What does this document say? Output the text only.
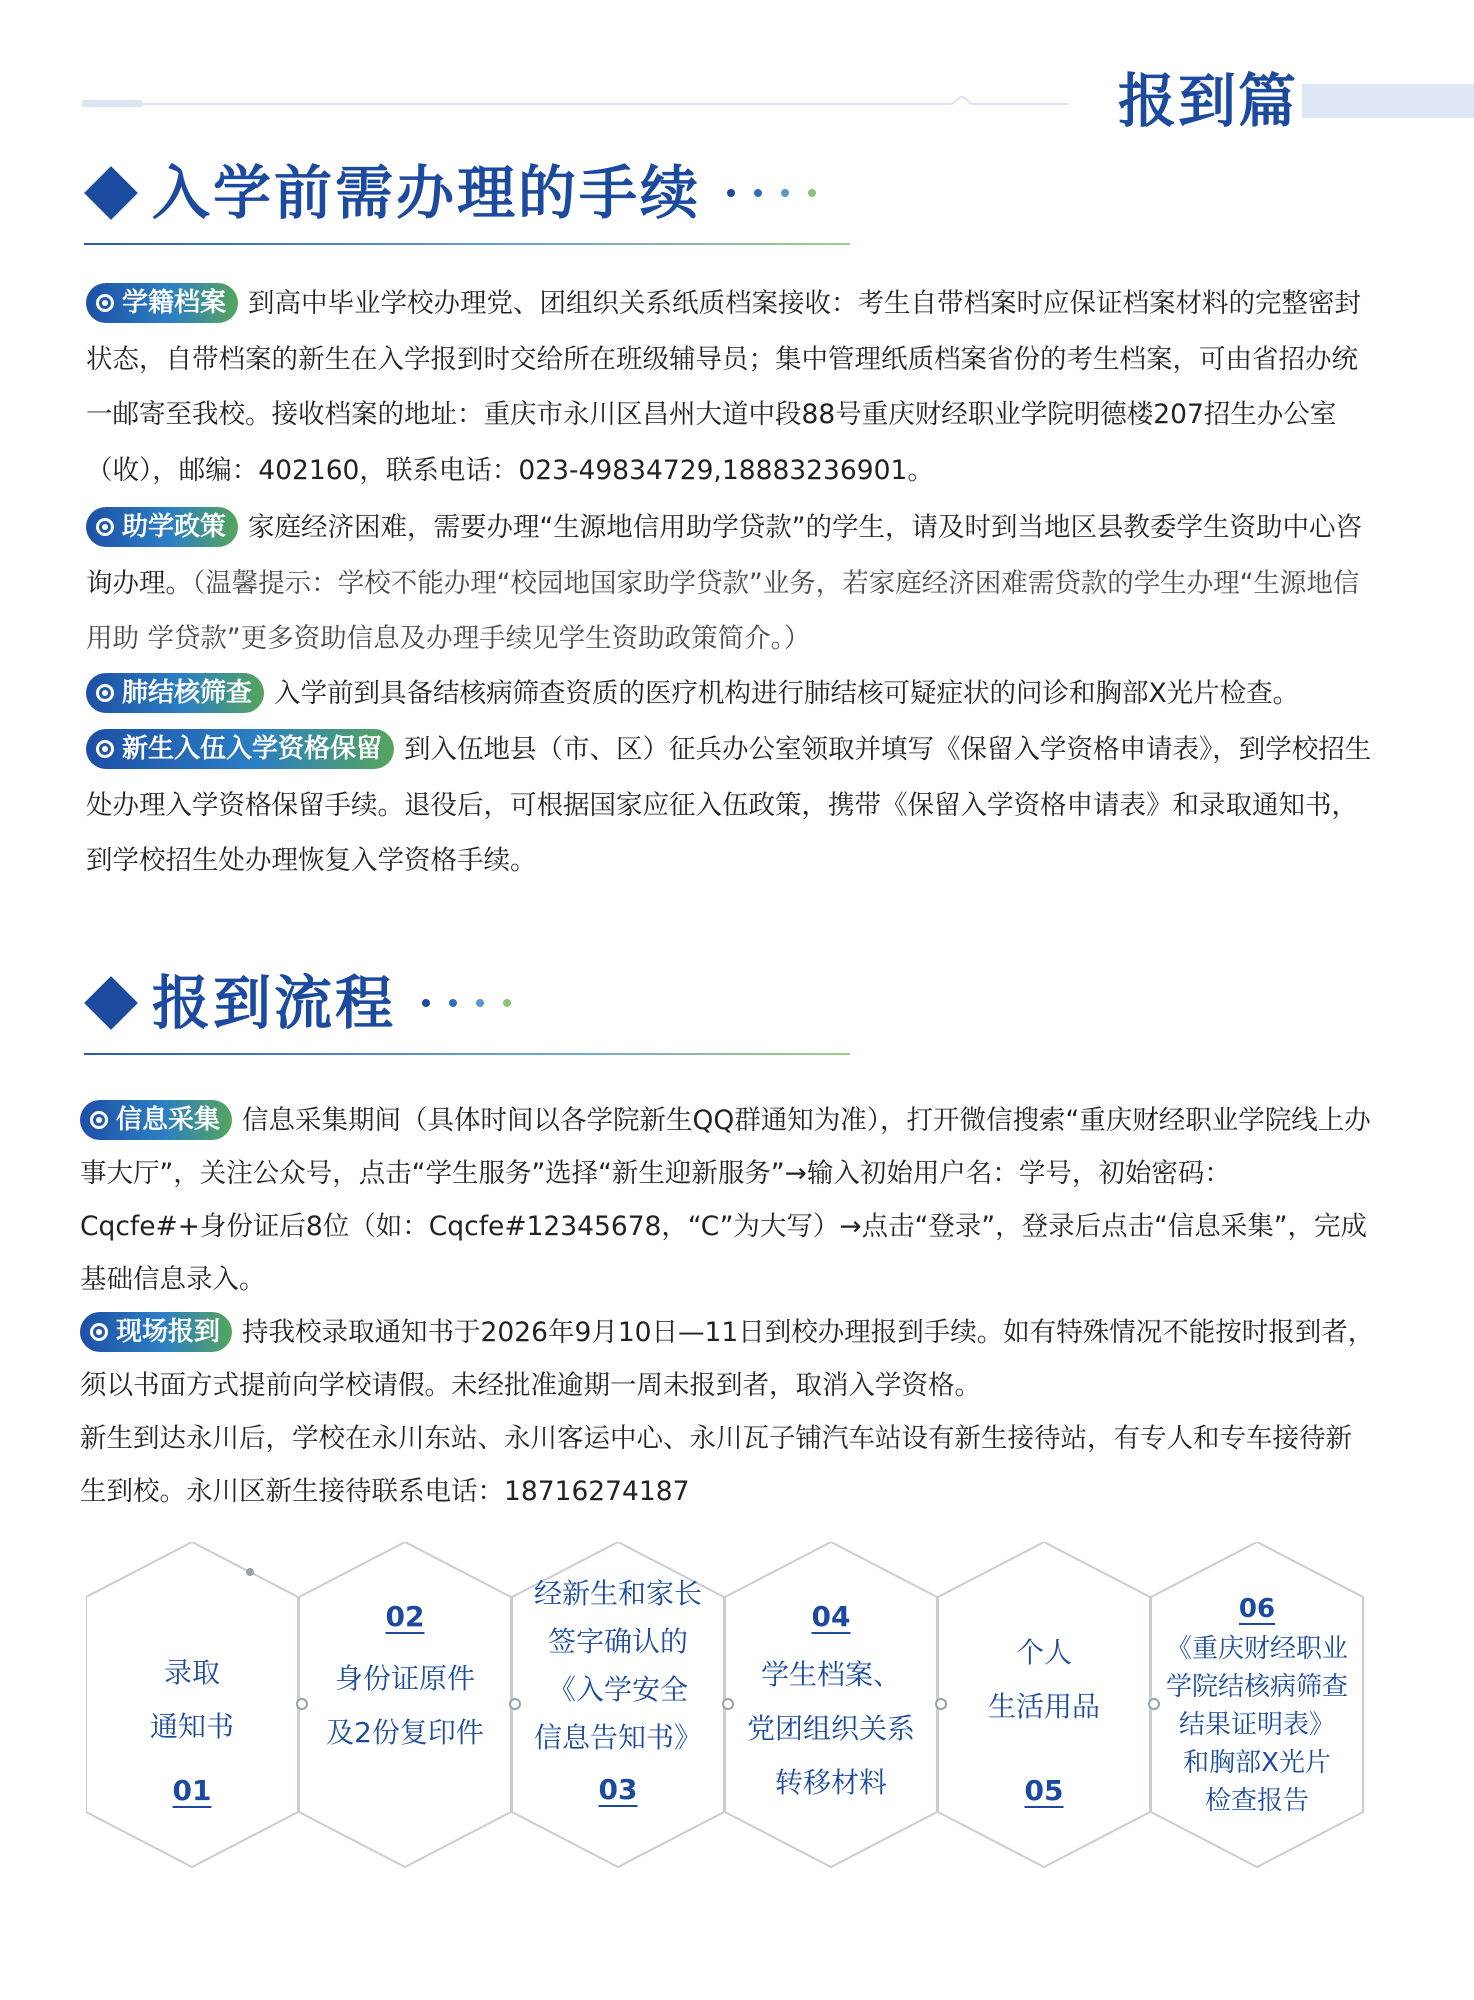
报到篇
入学前需办理的手续
学籍档案 到高中毕业学校办理党、团组织关系纸质档案接收：考生自带档案时应保证档案材料的完整密封状态，自带档案的新生在入学报到时交给所在班级辅导员；集中管理纸质档案省份的考生档案，可由省招办统一邮寄至我校。接收档案的地址：重庆市永川区昌州大道中段88号重庆财经职业学院明德楼207招生办公室（收），邮编：402160，联系电话：023-49834729,18883236901。
助学政策 家庭经济困难，需要办理“生源地信用助学贷款”的学生，请及时到当地区县教委学生资助中心咨询办理。（温馨提示：学校不能办理“校园地国家助学贷款”业务，若家庭经济困难需贷款的学生办理“生源地信用助 学贷款”更多资助信息及办理手续见学生资助政策简介。）
肺结核筛查 入学前到具备结核病筛查资质的医疗机构进行肺结核可疑症状的问诊和胸部X光片检查。
新生入伍入学资格保留 到入伍地县（市、区）征兵办公室领取并填写《保留入学资格申请表》，到学校招生处办理入学资格保留手续。退役后，可根据国家应征入伍政策，携带《保留入学资格申请表》和录取通知书，到学校招生处办理恢复入学资格手续。
报到流程
信息采集 信息采集期间（具体时间以各学院新生QQ群通知为准），打开微信搜索“重庆财经职业学院线上办事大厅”，关注公众号，点击“学生服务”选择“新生迎新服务”→输入初始用户名：学号，初始密码：Cqcfe#+身份证后8位（如：Cqcfe#12345678，“C”为大写）→点击“登录”，登录后点击“信息采集”，完成基础信息录入。
现场报到 持我校录取通知书于2026年9月10日—11日到校办理报到手续。如有特殊情况不能按时报到者，须以书面方式提前向学校请假。未经批准逾期一周未报到者，取消入学资格。
新生到达永川后，学校在永川东站、永川客运中心、永川瓦子铺汽车站设有新生接待站，有专人和专车接待新生到校。永川区新生接待联系电话：18716274187
录取
通知书
01
02
身份证原件
及2份复印件
经新生和家长
签字确认的
《入学安全
信息告知书》
03
04
学生档案、
党团组织关系
转移材料
个人
生活用品
05
06
《重庆财经职业
学院结核病筛查
结果证明表》
和胸部X光片
检查报告
